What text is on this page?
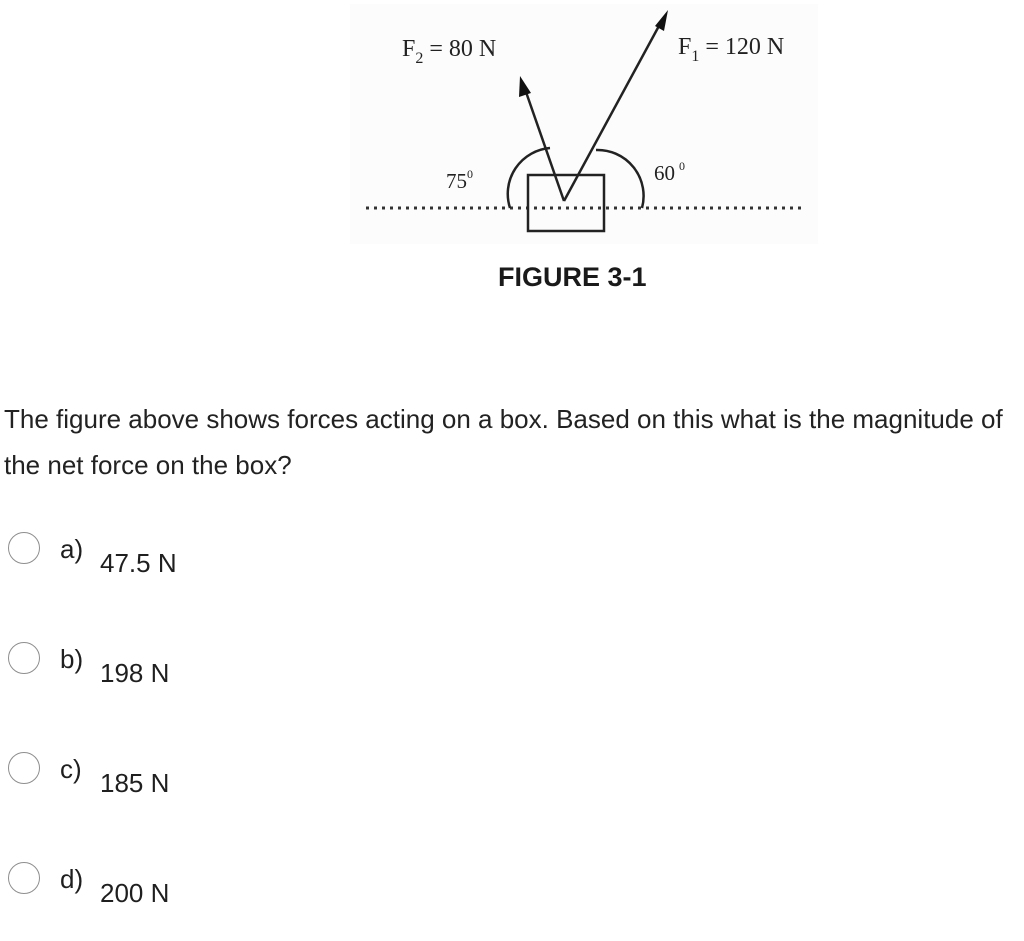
$F_2 = 80$ N	$F_1 = 120$ N
$75^0$	60 $^0$
FIGURE 3-1
The figure above shows forces acting on a box. Based on this what is the magnitude of the net force on the box?
a) 47.5 N
b) 198 N
c) 185 N
d) 200 N
